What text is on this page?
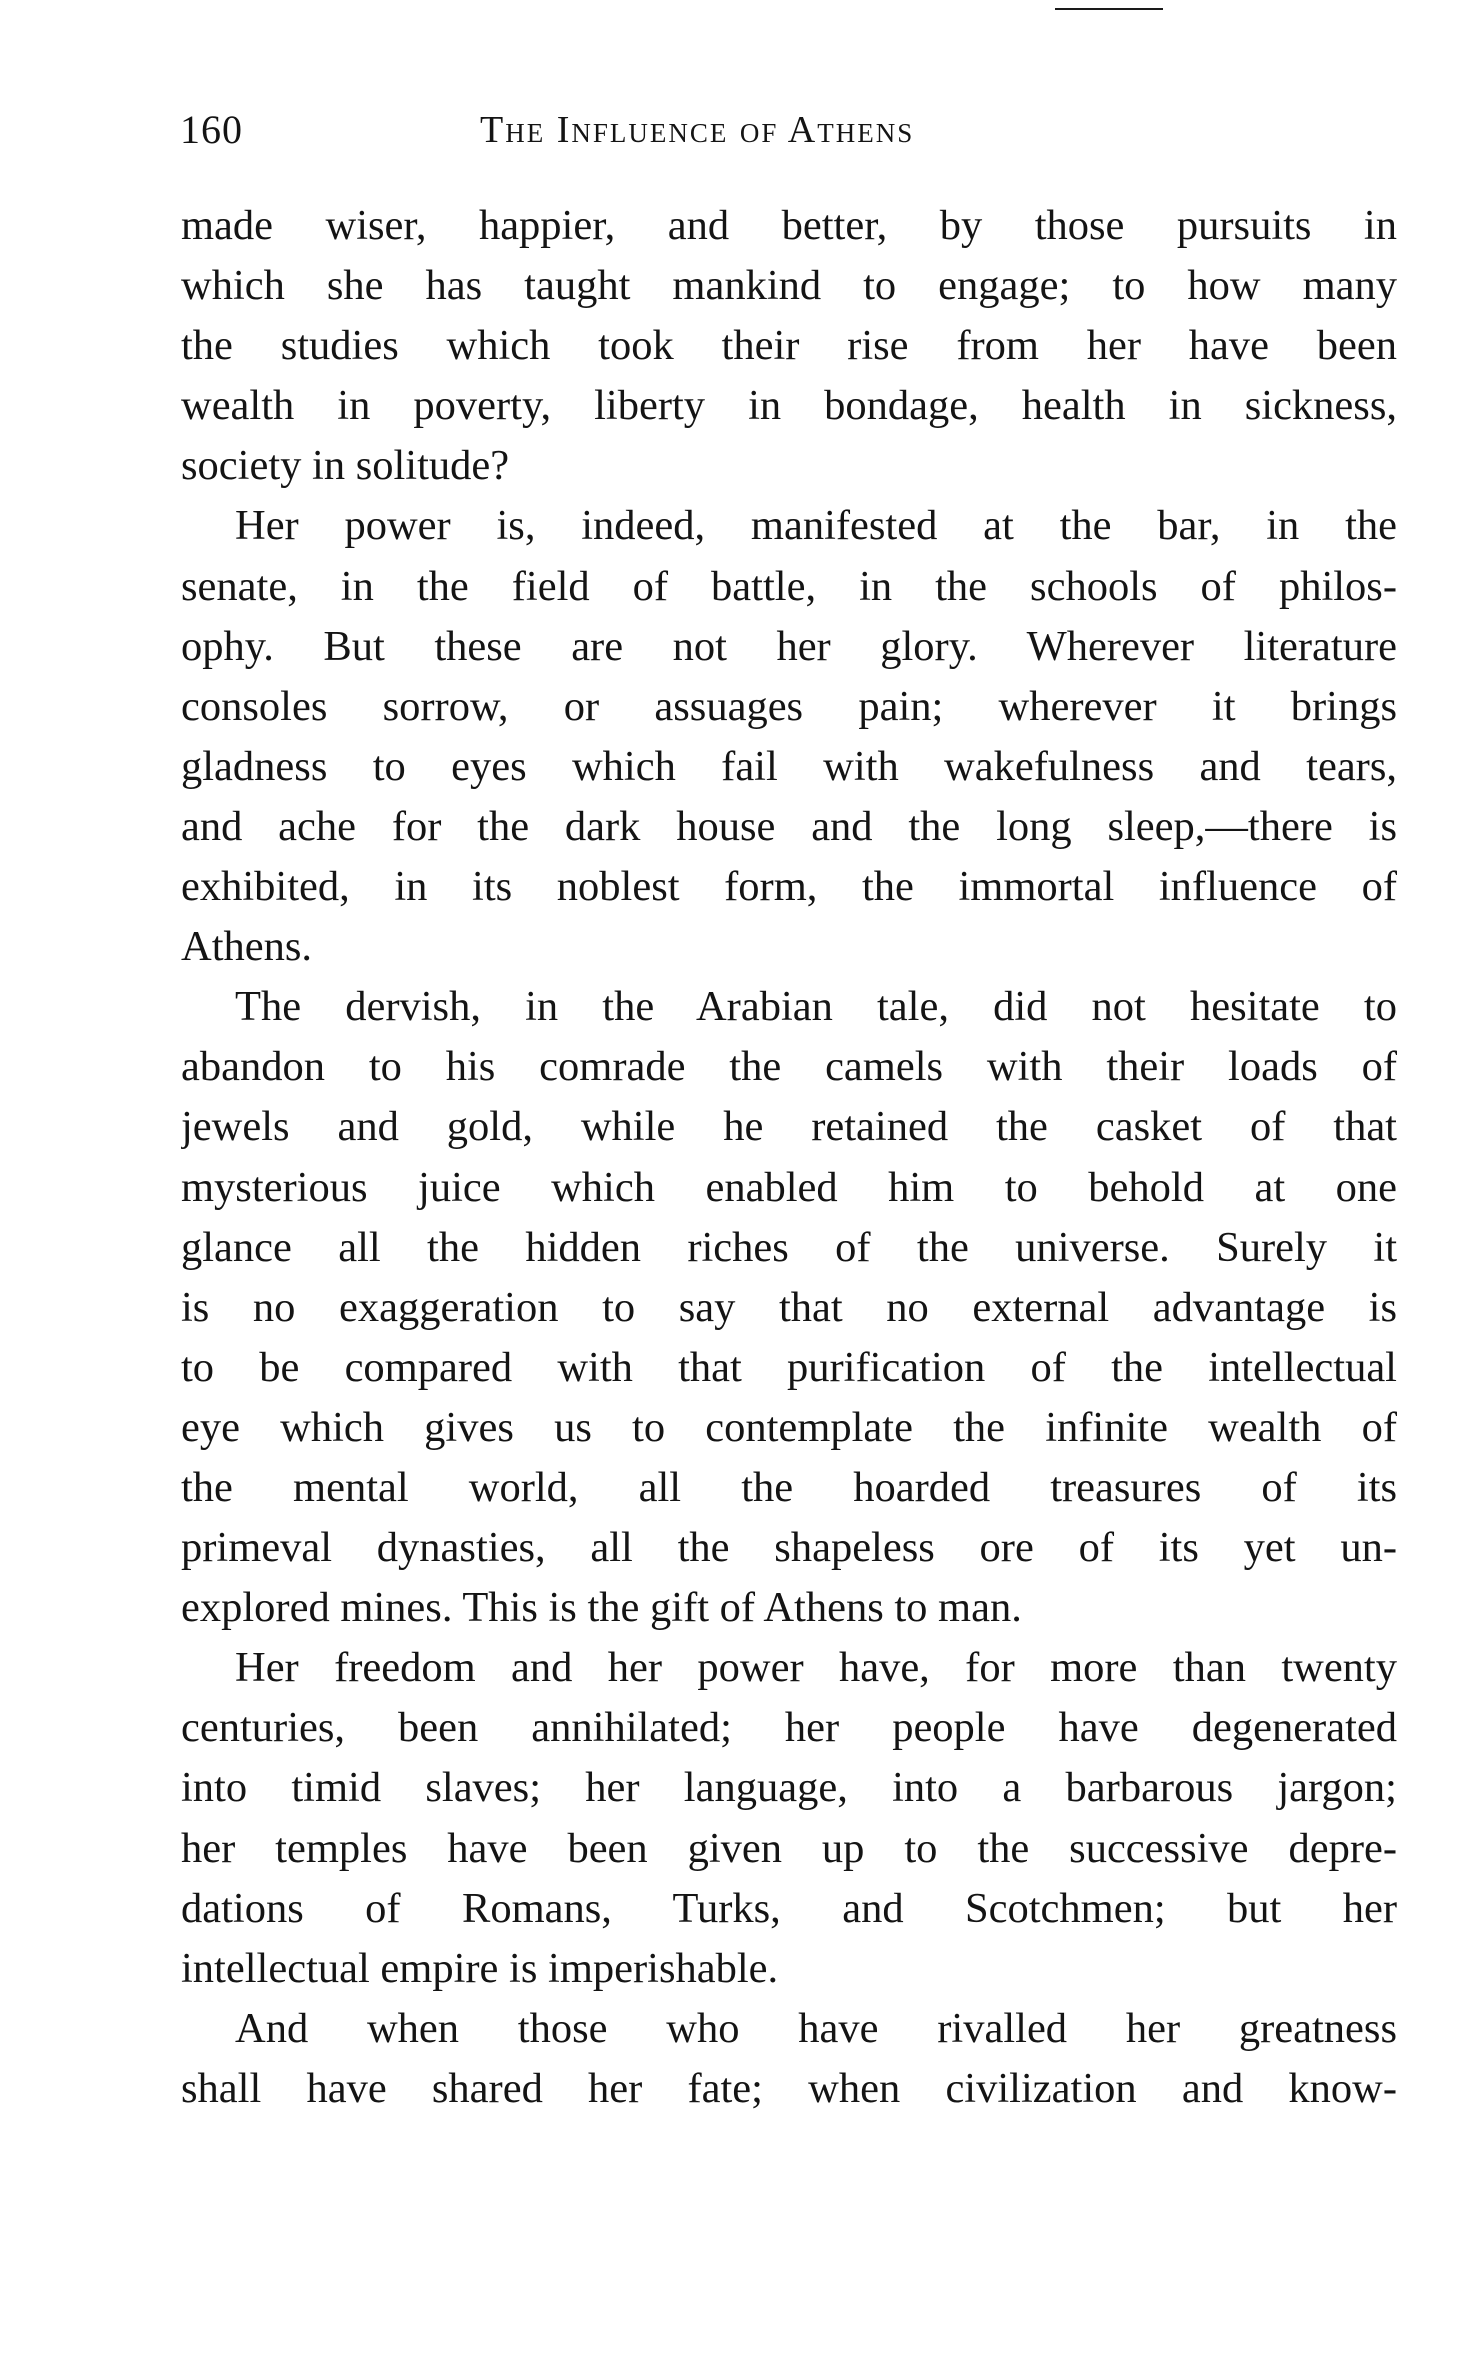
160	The Influence of Athens
made wiser, happier, and better, by those pursuits in
which she has taught mankind to engage; to how many
the studies which took their rise from her have been
wealth in poverty, liberty in bondage, health in sickness,
society in solitude?
Her power is, indeed, manifested at the bar, in the
senate, in the field of battle, in the schools of philos-
ophy. But these are not her glory. Wherever literature
consoles sorrow, or assuages pain; wherever it brings
gladness to eyes which fail with wakefulness and tears,
and ache for the dark house and the long sleep,—there is
exhibited, in its noblest form, the immortal influence of
Athens.
The dervish, in the Arabian tale, did not hesitate to
abandon to his comrade the camels with their loads of
jewels and gold, while he retained the casket of that
mysterious juice which enabled him to behold at one
glance all the hidden riches of the universe. Surely it
is no exaggeration to say that no external advantage is
to be compared with that purification of the intellectual
eye which gives us to contemplate the infinite wealth of
the mental world, all the hoarded treasures of its
primeval dynasties, all the shapeless ore of its yet un-
explored mines. This is the gift of Athens to man.
Her freedom and her power have, for more than twenty
centuries, been annihilated; her people have degenerated
into timid slaves; her language, into a barbarous jargon;
her temples have been given up to the successive depre-
dations of Romans, Turks, and Scotchmen; but her
intellectual empire is imperishable.
And when those who have rivalled her greatness
shall have shared her fate; when civilization and know-
